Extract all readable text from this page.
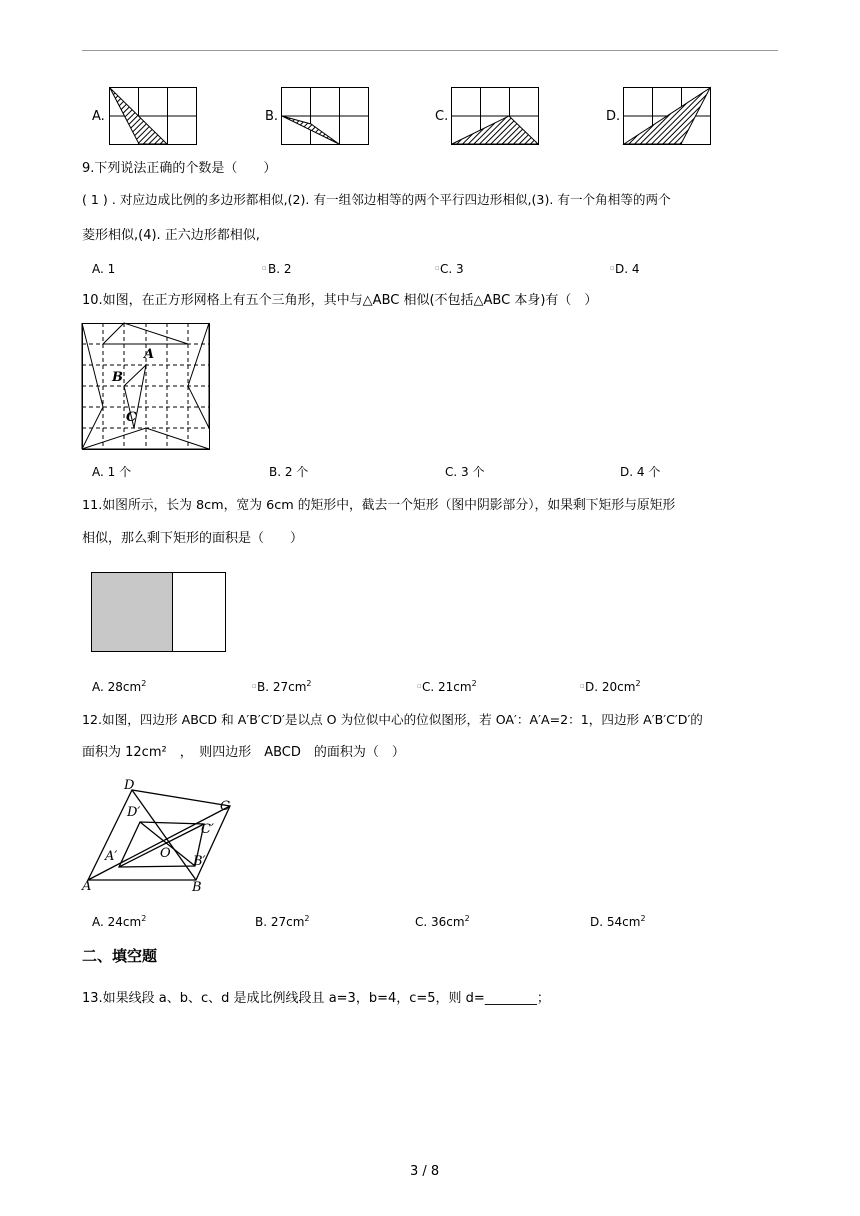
A.	B.	C.	D.
9.下列说法正确的个数是（　　）
( 1 ) . 对应边成比例的多边形都相似,(2). 有一组邻边相等的两个平行四边形相似,(3). 有一个角相等的两个
菱形相似,(4). 正六边形都相似,
A. 1	▫ B. 2	▫ C. 3	▫ D. 4
10.如图，在正方形网格上有五个三角形，其中与△ABC 相似(不包括△ABC 本身)有（　）
A
B
C
A. 1 个	B. 2 个	C. 3 个	D. 4 个
11.如图所示，长为 8cm，宽为 6cm 的矩形中，截去一个矩形（图中阴影部分），如果剩下矩形与原矩形
相似，那么剩下矩形的面积是（　　）
A. $28cm^2$	▫ B. $27cm^2$	▫ C. $21cm^2$	▫ D. $20cm^2$
12.如图，四边形 ABCD 和 A′B′C′D′是以点 O 为位似中心的位似图形，若 OA′：A′A=2：1，四边形 A′B′C′D′的
面积为 12cm²　，　则四边形　ABCD　的面积为（　）
D
D′	C
C′
A′	O
B′
A	B
A. $24cm^2$	B. $27cm^2$	C. $36cm^2$	D. $54cm^2$
二、填空题
13.如果线段 a、b、c、d 是成比例线段且 a=3，b=4，c=5，则 d=________；
3 / 8
